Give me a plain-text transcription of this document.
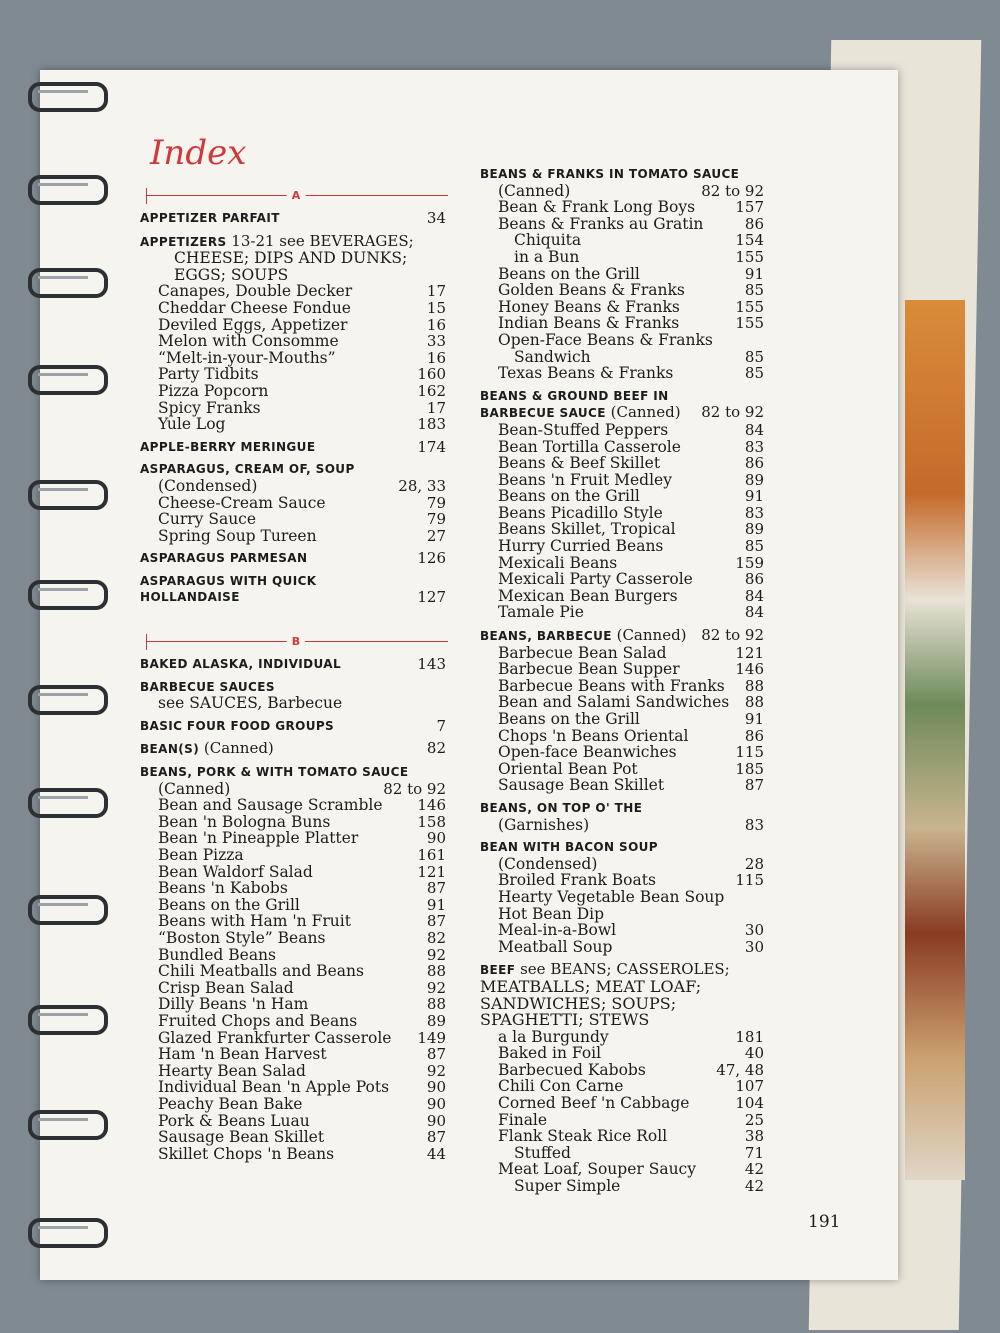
Index
A
APPETIZER PARFAIT	34
APPETIZERS 13-21 see BEVERAGES;
CHEESE; DIPS AND DUNKS;
EGGS; SOUPS
Canapes, Double Decker	17
Cheddar Cheese Fondue	15
Deviled Eggs, Appetizer	16
Melon with Consomme	33
“Melt-in-your-Mouths”	16
Party Tidbits	160
Pizza Popcorn	162
Spicy Franks	17
Yule Log	183
APPLE-BERRY MERINGUE	174
ASPARAGUS, CREAM OF, SOUP
(Condensed)	28, 33
Cheese-Cream Sauce	79
Curry Sauce	79
Spring Soup Tureen	27
ASPARAGUS PARMESAN	126
ASPARAGUS WITH QUICK
HOLLANDAISE	127
B
BAKED ALASKA, INDIVIDUAL	143
BARBECUE SAUCES
see SAUCES, Barbecue
BASIC FOUR FOOD GROUPS	7
BEAN(S) (Canned)	82
BEANS, PORK & WITH TOMATO SAUCE
(Canned)	82 to 92
Bean and Sausage Scramble 146
Bean 'n Bologna Buns	158
Bean 'n Pineapple Platter	90
Bean Pizza	161
Bean Waldorf Salad	121
Beans 'n Kabobs	87
Beans on the Grill	91
Beans with Ham 'n Fruit	87
“Boston Style” Beans	82
Bundled Beans	92
Chili Meatballs and Beans	88
Crisp Bean Salad	92
Dilly Beans 'n Ham	88
Fruited Chops and Beans	89
Glazed Frankfurter Casserole 149
Ham 'n Bean Harvest	87
Hearty Bean Salad	92
Individual Bean 'n Apple Pots	90
Peachy Bean Bake	90
Pork & Beans Luau	90
Sausage Bean Skillet	87
Skillet Chops 'n Beans	44
BEANS & FRANKS IN TOMATO SAUCE
(Canned)	82 to 92
Bean & Frank Long Boys	157
Beans & Franks au Gratin	86
Chiquita	154
in a Bun	155
Beans on the Grill	91
Golden Beans & Franks	85
Honey Beans & Franks	155
Indian Beans & Franks	155
Open-Face Beans & Franks
Sandwich	85
Texas Beans & Franks	85
BEANS & GROUND BEEF IN
BARBECUE SAUCE (Canned) 82 to 92
Bean-Stuffed Peppers	84
Bean Tortilla Casserole	83
Beans & Beef Skillet	86
Beans 'n Fruit Medley	89
Beans on the Grill	91
Beans Picadillo Style	83
Beans Skillet, Tropical	89
Hurry Curried Beans	85
Mexicali Beans	159
Mexicali Party Casserole	86
Mexican Bean Burgers	84
Tamale Pie	84
BEANS, BARBECUE (Canned) 82 to 92
Barbecue Bean Salad	121
Barbecue Bean Supper	146
Barbecue Beans with Franks 88
Bean and Salami Sandwiches 88
Beans on the Grill	91
Chops 'n Beans Oriental	86
Open-face Beanwiches	115
Oriental Bean Pot	185
Sausage Bean Skillet	87
BEANS, ON TOP O' THE
(Garnishes)	83
BEAN WITH BACON SOUP
(Condensed)	28
Broiled Frank Boats	115
Hearty Vegetable Bean Soup
Hot Bean Dip
Meal-in-a-Bowl	30
Meatball Soup	30
BEEF see BEANS; CASSEROLES;
MEATBALLS; MEAT LOAF;
SANDWICHES; SOUPS;
SPAGHETTI; STEWS
a la Burgundy	181
Baked in Foil	40
Barbecued Kabobs	47, 48
Chili Con Carne	107
Corned Beef 'n Cabbage	104
Finale	25
Flank Steak Rice Roll	38
Stuffed	71
Meat Loaf, Souper Saucy	42
Super Simple	42
191
